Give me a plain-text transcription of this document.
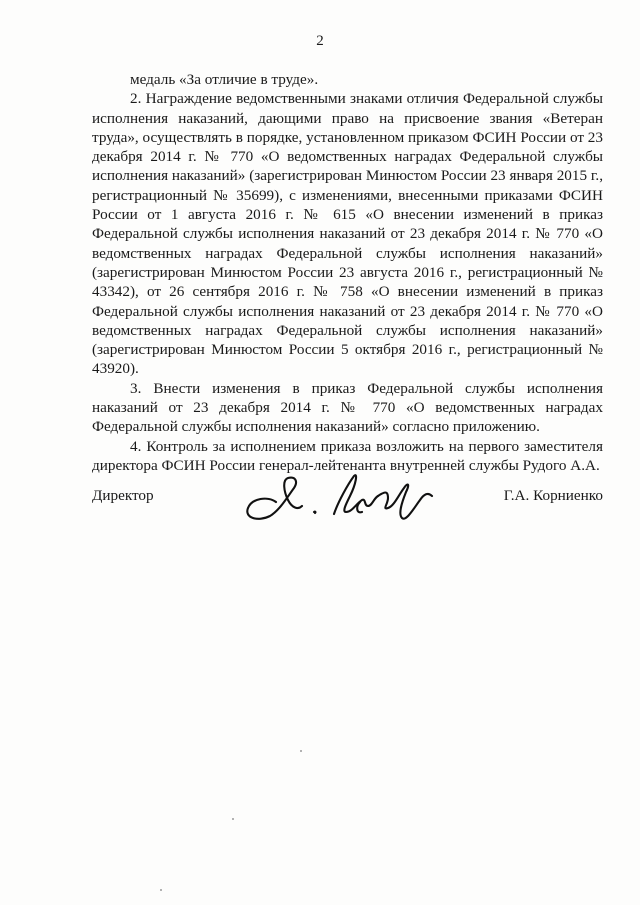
2

медаль «За отличие в труде».

2. Награждение ведомственными знаками отличия Федеральной службы исполнения наказаний, дающими право на присвоение звания «Ветеран труда», осуществлять в порядке, установленном приказом ФСИН России от 23 декабря 2014 г. № 770 «О ведомственных наградах Федеральной службы исполнения наказаний» (зарегистрирован Минюстом России 23 января 2015 г., регистрационный № 35699), с изменениями, внесенными приказами ФСИН России от 1 августа 2016 г. № 615 «О внесении изменений в приказ Федеральной службы исполнения наказаний от 23 декабря 2014 г. № 770 «О ведомственных наградах Федеральной службы исполнения наказаний» (зарегистрирован Минюстом России 23 августа 2016 г., регистрационный № 43342), от 26 сентября 2016 г. № 758 «О внесении изменений в приказ Федеральной службы исполнения наказаний от 23 декабря 2014 г. № 770 «О ведомственных наградах Федеральной службы исполнения наказаний» (зарегистрирован Минюстом России 5 октября 2016 г., регистрационный № 43920).

3. Внести изменения в приказ Федеральной службы исполнения наказаний от 23 декабря 2014 г. № 770 «О ведомственных наградах Федеральной службы исполнения наказаний» согласно приложению.

4. Контроль за исполнением приказа возложить на первого заместителя директора ФСИН России генерал-лейтенанта внутренней службы Рудого А.А.

Директор	Г.А. Корниенко
